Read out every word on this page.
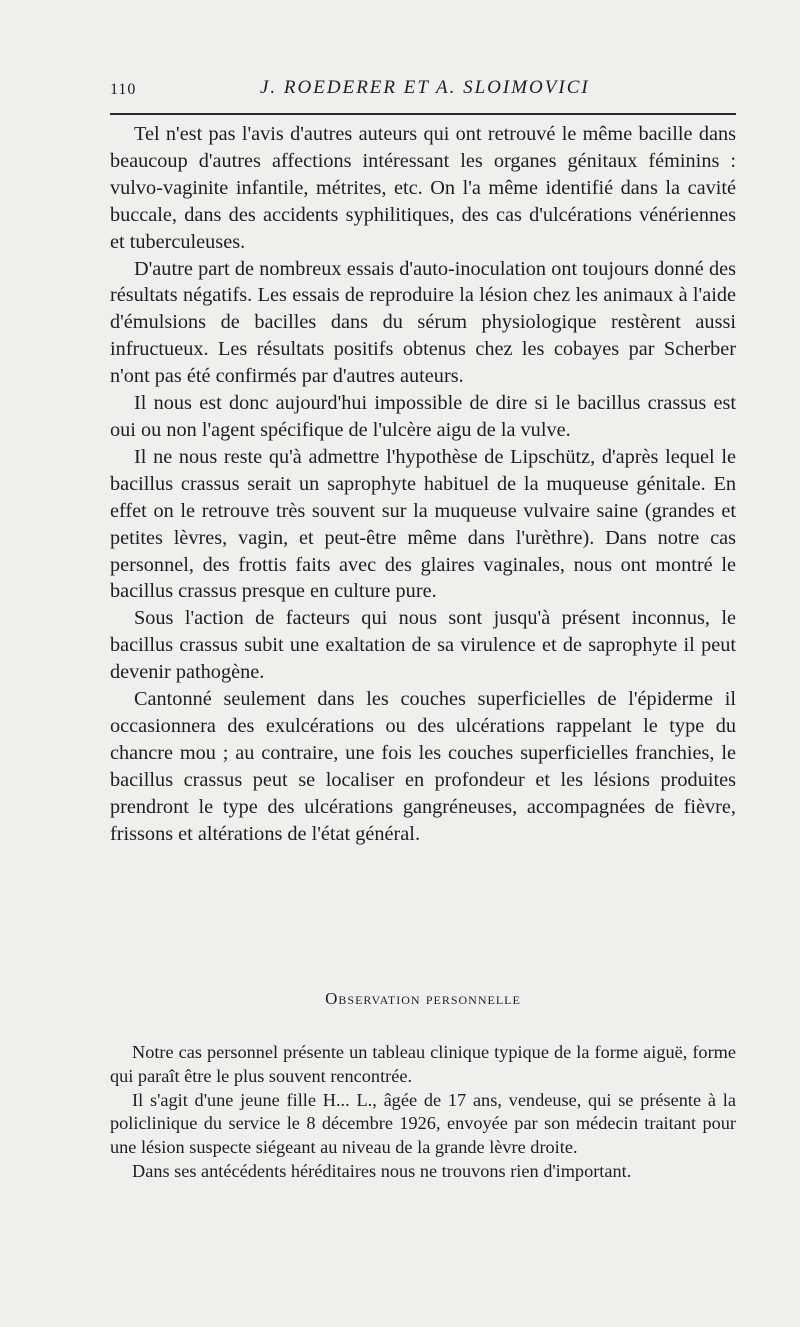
110	J. ROEDERER ET A. SLOIMOVICI

Tel n'est pas l'avis d'autres auteurs qui ont retrouvé le même bacille dans beaucoup d'autres affections intéressant les organes génitaux féminins : vulvo-vaginite infantile, métrites, etc. On l'a même identifié dans la cavité buccale, dans des accidents syphilitiques, des cas d'ulcérations vénériennes et tuberculeuses.

D'autre part de nombreux essais d'auto-inoculation ont toujours donné des résultats négatifs. Les essais de reproduire la lésion chez les animaux à l'aide d'émulsions de bacilles dans du sérum physiologique restèrent aussi infructueux. Les résultats positifs obtenus chez les cobayes par Scherber n'ont pas été confirmés par d'autres auteurs.

Il nous est donc aujourd'hui impossible de dire si le bacillus crassus est oui ou non l'agent spécifique de l'ulcère aigu de la vulve.

Il ne nous reste qu'à admettre l'hypothèse de Lipschütz, d'après lequel le bacillus crassus serait un saprophyte habituel de la muqueuse génitale. En effet on le retrouve très souvent sur la muqueuse vulvaire saine (grandes et petites lèvres, vagin, et peut-être même dans l'urèthre). Dans notre cas personnel, des frottis faits avec des glaires vaginales, nous ont montré le bacillus crassus presque en culture pure.

Sous l'action de facteurs qui nous sont jusqu'à présent inconnus, le bacillus crassus subit une exaltation de sa virulence et de saprophyte il peut devenir pathogène.

Cantonné seulement dans les couches superficielles de l'épiderme il occasionnera des exulcérations ou des ulcérations rappelant le type du chancre mou ; au contraire, une fois les couches superficielles franchies, le bacillus crassus peut se localiser en profondeur et les lésions produites prendront le type des ulcérations gangréneuses, accompagnées de fièvre, frissons et altérations de l'état général.

Observation personnelle

Notre cas personnel présente un tableau clinique typique de la forme aiguë, forme qui paraît être le plus souvent rencontrée.

Il s'agit d'une jeune fille H... L., âgée de 17 ans, vendeuse, qui se présente à la policlinique du service le 8 décembre 1926, envoyée par son médecin traitant pour une lésion suspecte siégeant au niveau de la grande lèvre droite.

Dans ses antécédents héréditaires nous ne trouvons rien d'important.
